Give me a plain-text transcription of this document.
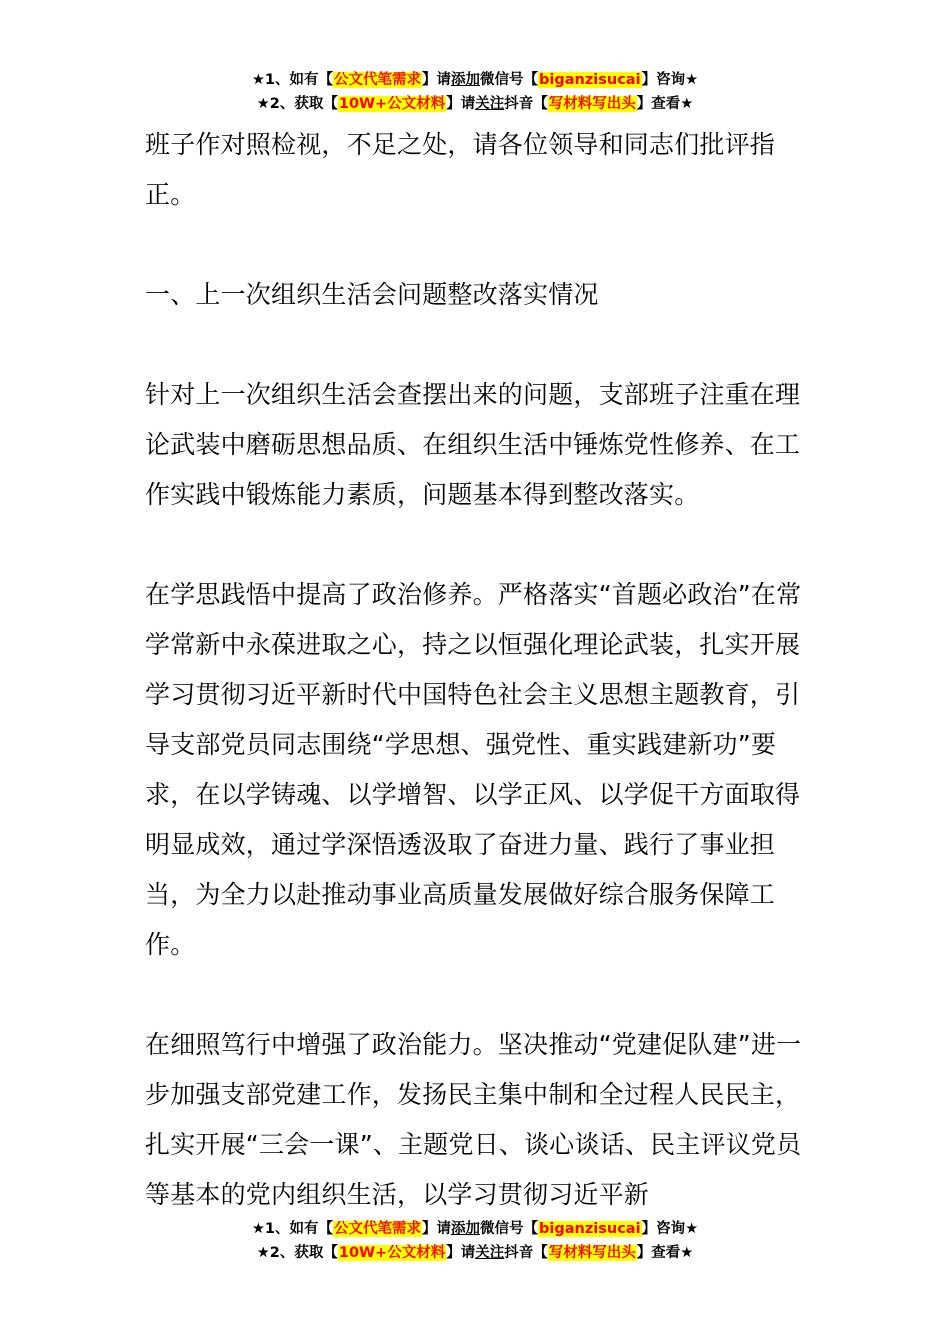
★1、如有【公文代笔需求】请添加微信号【biganzisucai】咨询★
★2、获取【10W+公文材料】请关注抖音【写材料写出头】查看★

班子作对照检视，不足之处，请各位领导和同志们批评指正。

一、上一次组织生活会问题整改落实情况

针对上一次组织生活会查摆出来的问题，支部班子注重在理论武装中磨砺思想品质、在组织生活中锤炼党性修养、在工作实践中锻炼能力素质，问题基本得到整改落实。

在学思践悟中提高了政治修养。严格落实“首题必政治”在常学常新中永葆进取之心，持之以恒强化理论武装，扎实开展学习贯彻习近平新时代中国特色社会主义思想主题教育，引导支部党员同志围绕“学思想、强党性、重实践建新功”要求，在以学铸魂、以学增智、以学正风、以学促干方面取得明显成效，通过学深悟透汲取了奋进力量、践行了事业担当，为全力以赴推动事业高质量发展做好综合服务保障工作。

在细照笃行中增强了政治能力。坚决推动“党建促队建”进一步加强支部党建工作，发扬民主集中制和全过程人民民主，扎实开展“三会一课”、主题党日、谈心谈话、民主评议党员等基本的党内组织生活，以学习贯彻习近平新

★1、如有【公文代笔需求】请添加微信号【biganzisucai】咨询★
★2、获取【10W+公文材料】请关注抖音【写材料写出头】查看★
